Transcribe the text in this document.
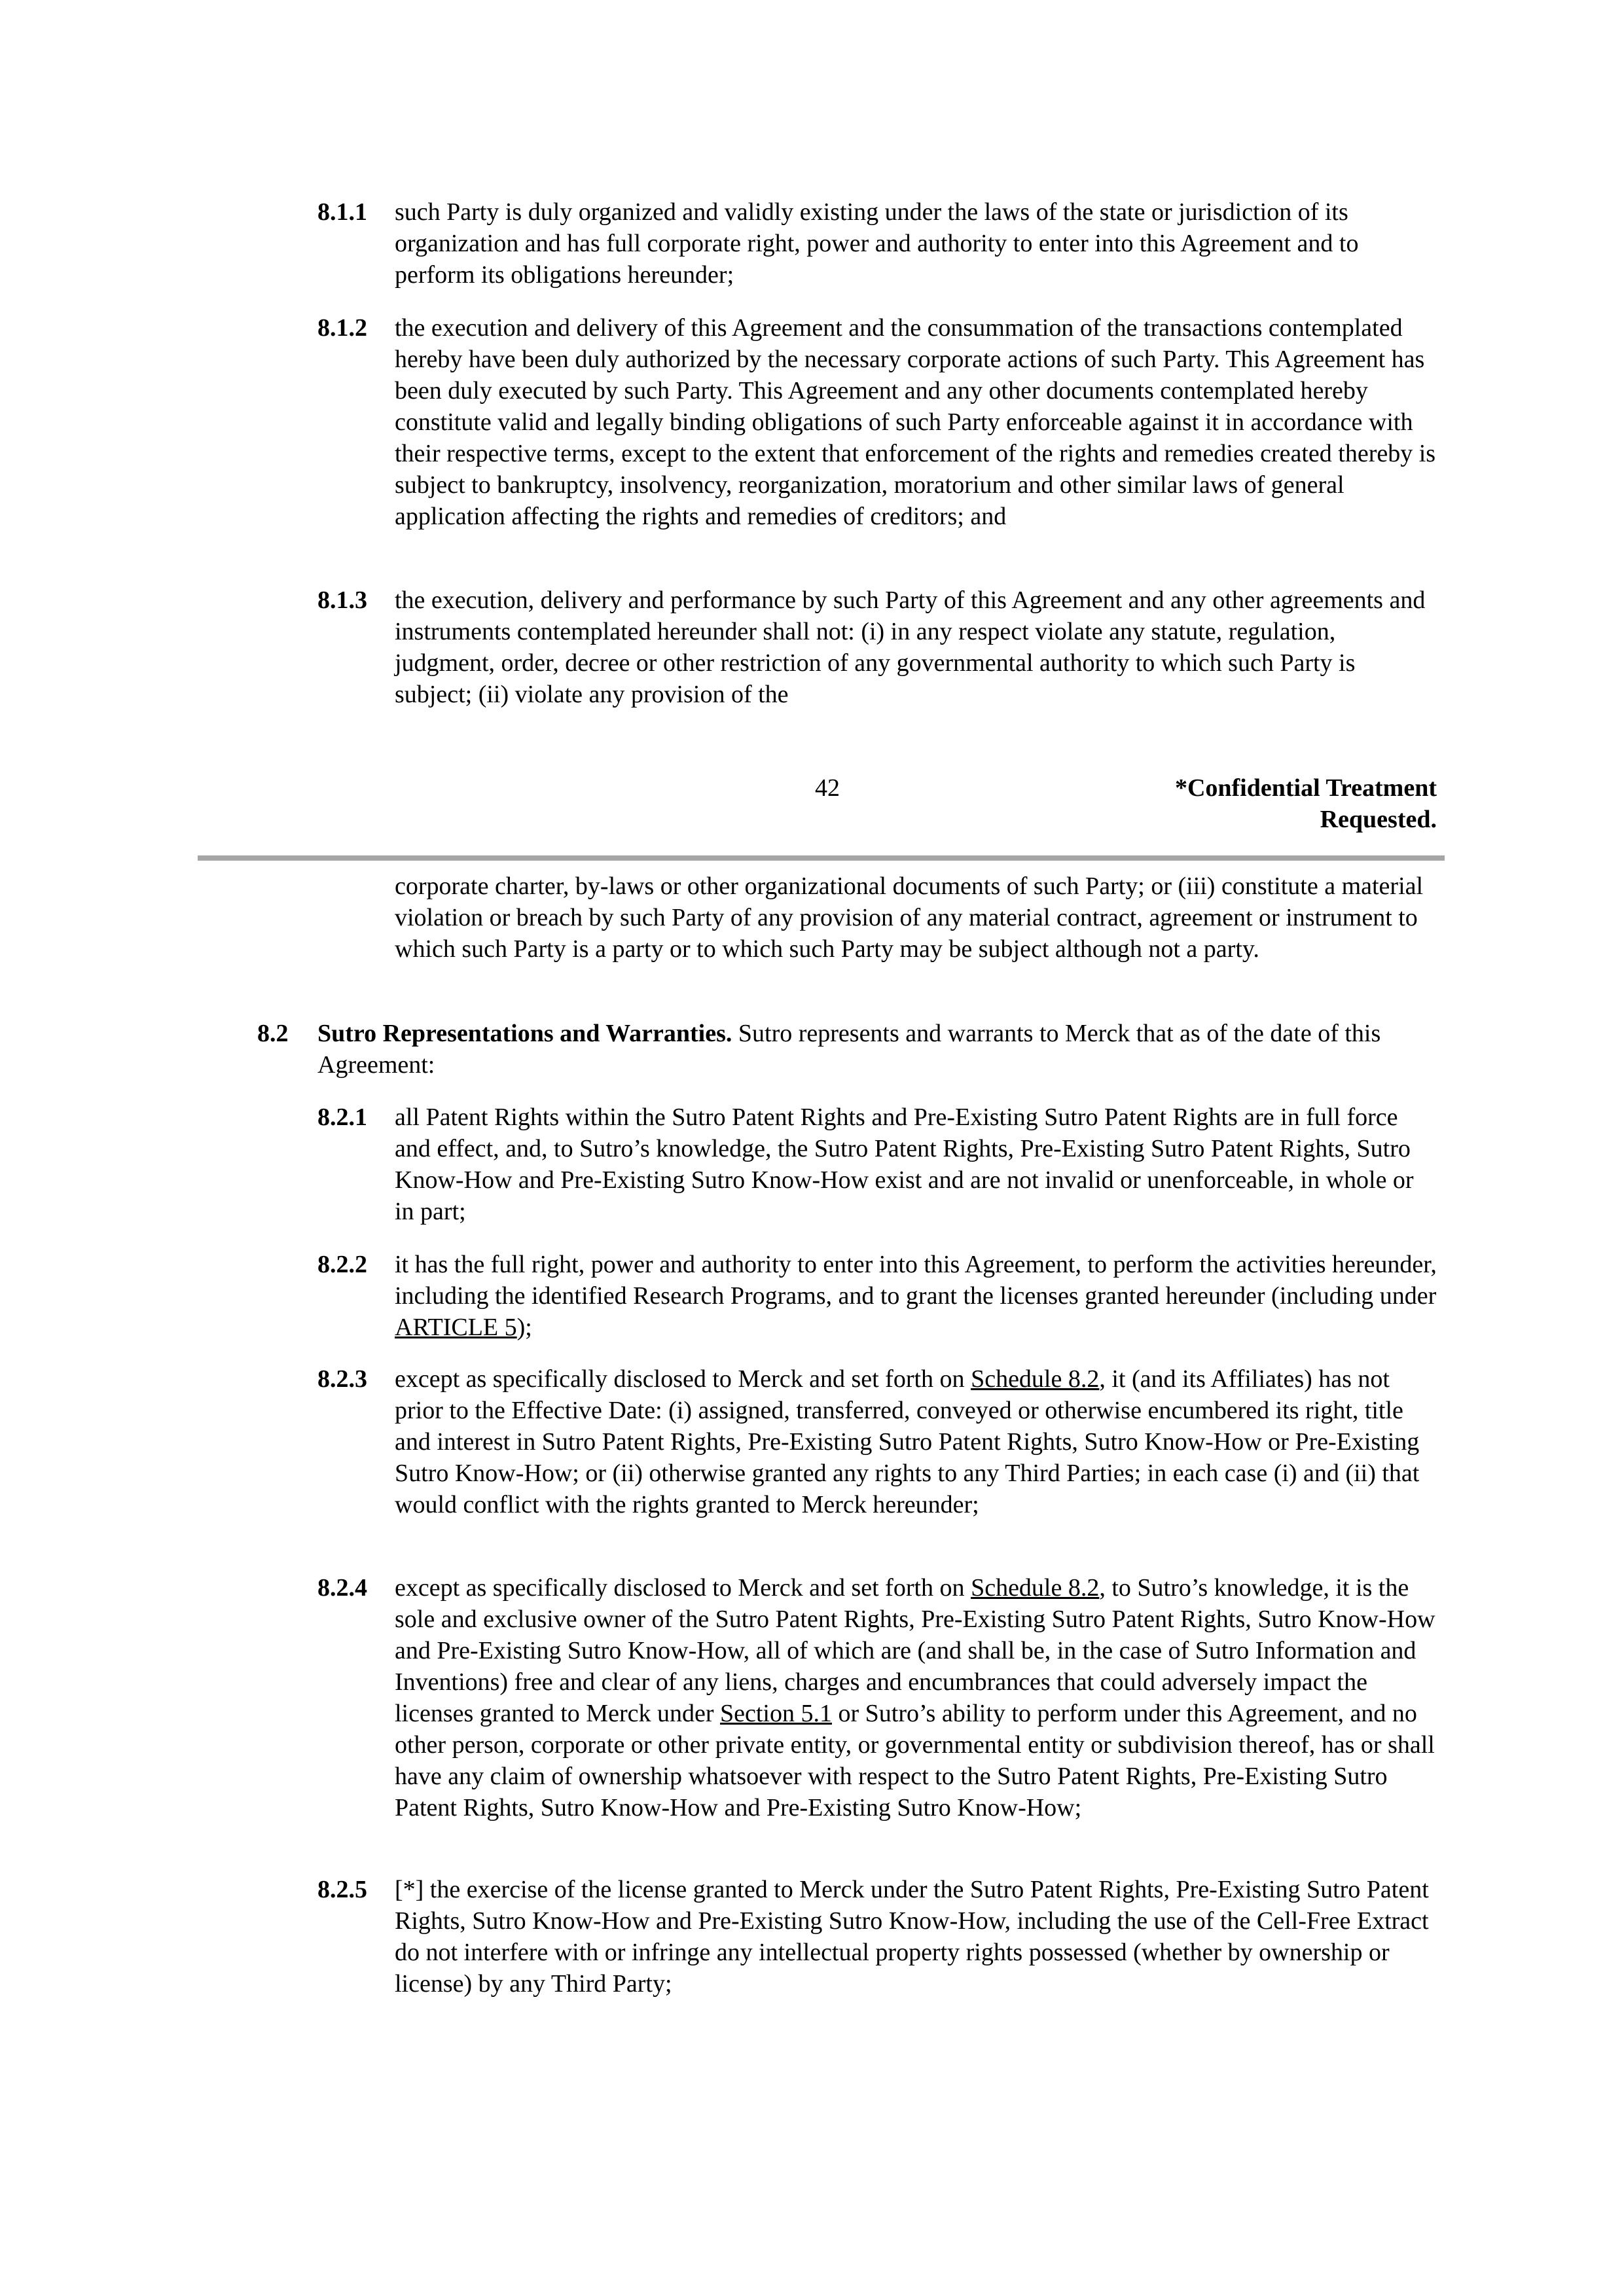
8.1.1 such Party is duly organized and validly existing under the laws of the state or jurisdiction of its organization and has full corporate right, power and authority to enter into this Agreement and to perform its obligations hereunder;
8.1.2 the execution and delivery of this Agreement and the consummation of the transactions contemplated hereby have been duly authorized by the necessary corporate actions of such Party. This Agreement has been duly executed by such Party. This Agreement and any other documents contemplated hereby constitute valid and legally binding obligations of such Party enforceable against it in accordance with their respective terms, except to the extent that enforcement of the rights and remedies created thereby is subject to bankruptcy, insolvency, reorganization, moratorium and other similar laws of general application affecting the rights and remedies of creditors; and
8.1.3 the execution, delivery and performance by such Party of this Agreement and any other agreements and instruments contemplated hereunder shall not: (i) in any respect violate any statute, regulation, judgment, order, decree or other restriction of any governmental authority to which such Party is subject; (ii) violate any provision of the
42	*Confidential Treatment
Requested.
corporate charter, by-laws or other organizational documents of such Party; or (iii) constitute a material violation or breach by such Party of any provision of any material contract, agreement or instrument to which such Party is a party or to which such Party may be subject although not a party.
8.2 Sutro Representations and Warranties. Sutro represents and warrants to Merck that as of the date of this Agreement:
8.2.1 all Patent Rights within the Sutro Patent Rights and Pre-Existing Sutro Patent Rights are in full force and effect, and, to Sutro’s knowledge, the Sutro Patent Rights, Pre-Existing Sutro Patent Rights, Sutro Know-How and Pre-Existing Sutro Know-How exist and are not invalid or unenforceable, in whole or in part;
8.2.2 it has the full right, power and authority to enter into this Agreement, to perform the activities hereunder, including the identified Research Programs, and to grant the licenses granted hereunder (including under ARTICLE 5);
8.2.3 except as specifically disclosed to Merck and set forth on Schedule 8.2, it (and its Affiliates) has not prior to the Effective Date: (i) assigned, transferred, conveyed or otherwise encumbered its right, title and interest in Sutro Patent Rights, Pre-Existing Sutro Patent Rights, Sutro Know-How or Pre-Existing Sutro Know-How; or (ii) otherwise granted any rights to any Third Parties; in each case (i) and (ii) that would conflict with the rights granted to Merck hereunder;
8.2.4 except as specifically disclosed to Merck and set forth on Schedule 8.2, to Sutro’s knowledge, it is the sole and exclusive owner of the Sutro Patent Rights, Pre-Existing Sutro Patent Rights, Sutro Know-How and Pre-Existing Sutro Know-How, all of which are (and shall be, in the case of Sutro Information and Inventions) free and clear of any liens, charges and encumbrances that could adversely impact the licenses granted to Merck under Section 5.1 or Sutro’s ability to perform under this Agreement, and no other person, corporate or other private entity, or governmental entity or subdivision thereof, has or shall have any claim of ownership whatsoever with respect to the Sutro Patent Rights, Pre-Existing Sutro Patent Rights, Sutro Know-How and Pre-Existing Sutro Know-How;
8.2.5 [*] the exercise of the license granted to Merck under the Sutro Patent Rights, Pre-Existing Sutro Patent Rights, Sutro Know-How and Pre-Existing Sutro Know-How, including the use of the Cell-Free Extract do not interfere with or infringe any intellectual property rights possessed (whether by ownership or license) by any Third Party;
